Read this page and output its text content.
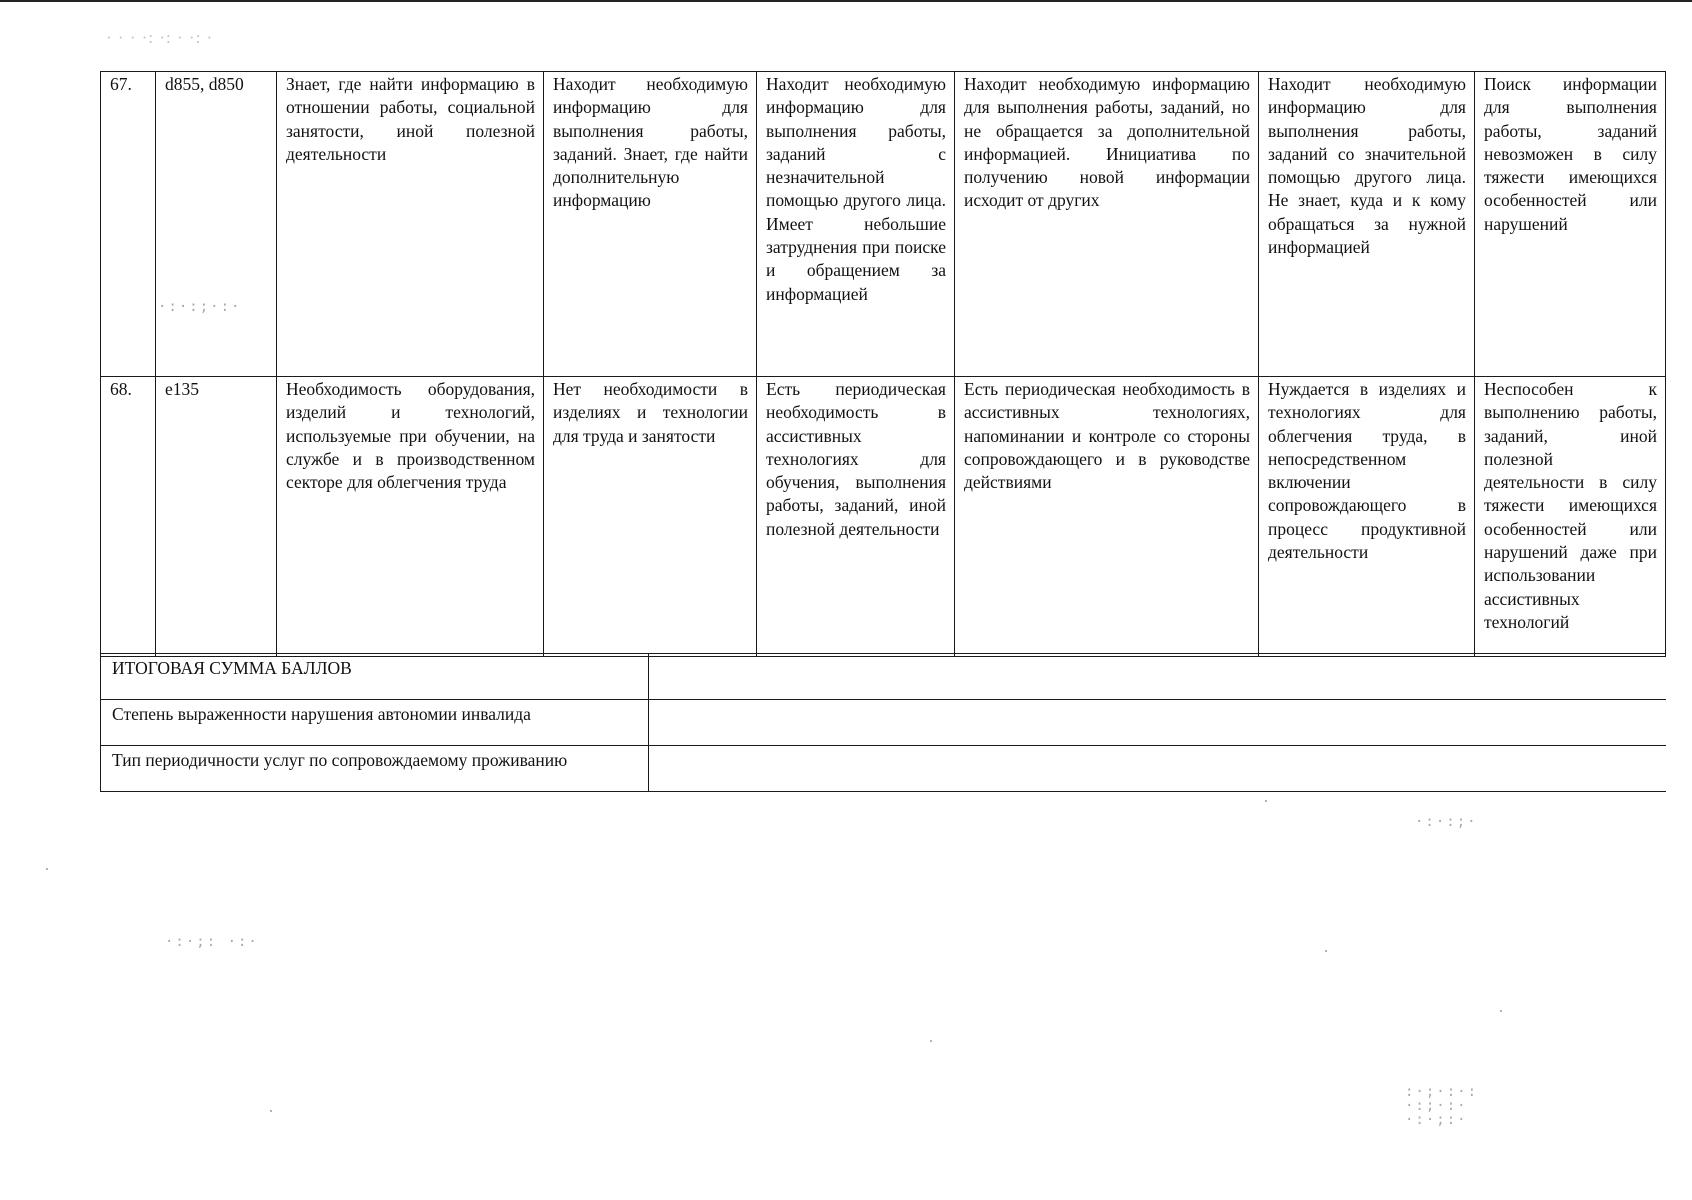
· · · ·: ·: · ·: ·
67.	d855, d850	Знает, где найти информацию в отношении работы, социальной занятости, иной полезной деятельности	Находит необходимую информацию для выполнения работы, заданий. Знает, где найти дополнительную информацию	Находит необходимую информацию для выполнения работы, заданий с незначительной помощью другого лица. Имеет небольшие затруднения при поиске и обращением за информацией	Находит необходимую информацию для выполнения работы, заданий, но не обращается за дополнительной информацией. Инициатива по получению новой информации исходит от других	Находит необходимую информацию для выполнения работы, заданий со значительной помощью другого лица. Не знает, куда и к кому обращаться за нужной информацией	Поиск информации для выполнения работы, заданий невозможен в силу тяжести имеющихся особенностей или нарушений
68.	e135	Необходимость оборудования, изделий и технологий, используемые при обучении, на службе и в производственном секторе для облегчения труда	Нет необходимости в изделиях и технологии для труда и занятости	Есть периодическая необходимость в ассистивных технологиях для обучения, выполнения работы, заданий, иной полезной деятельности	Есть периодическая необходимость в ассистивных технологиях, напоминании и контроле со стороны сопровождающего и в руководстве действиями	Нуждается в изделиях и технологиях для облегчения труда, в непосредственном включении сопровождающего в процесс продуктивной деятельности	Неспособен к выполнению работы, заданий, иной полезной деятельности в силу тяжести имеющихся особенностей или нарушений даже при использовании ассистивных технологий
ИТОГОВАЯ СУММА БАЛЛОВ	
Степень выраженности нарушения автономии инвалида	
Тип периодичности услуг по сопровождаемому проживанию	
·:·:;·:·
·:·;: ·:·
·:·:;·
:·;·:·:
·:;·:·
·:·;:·
